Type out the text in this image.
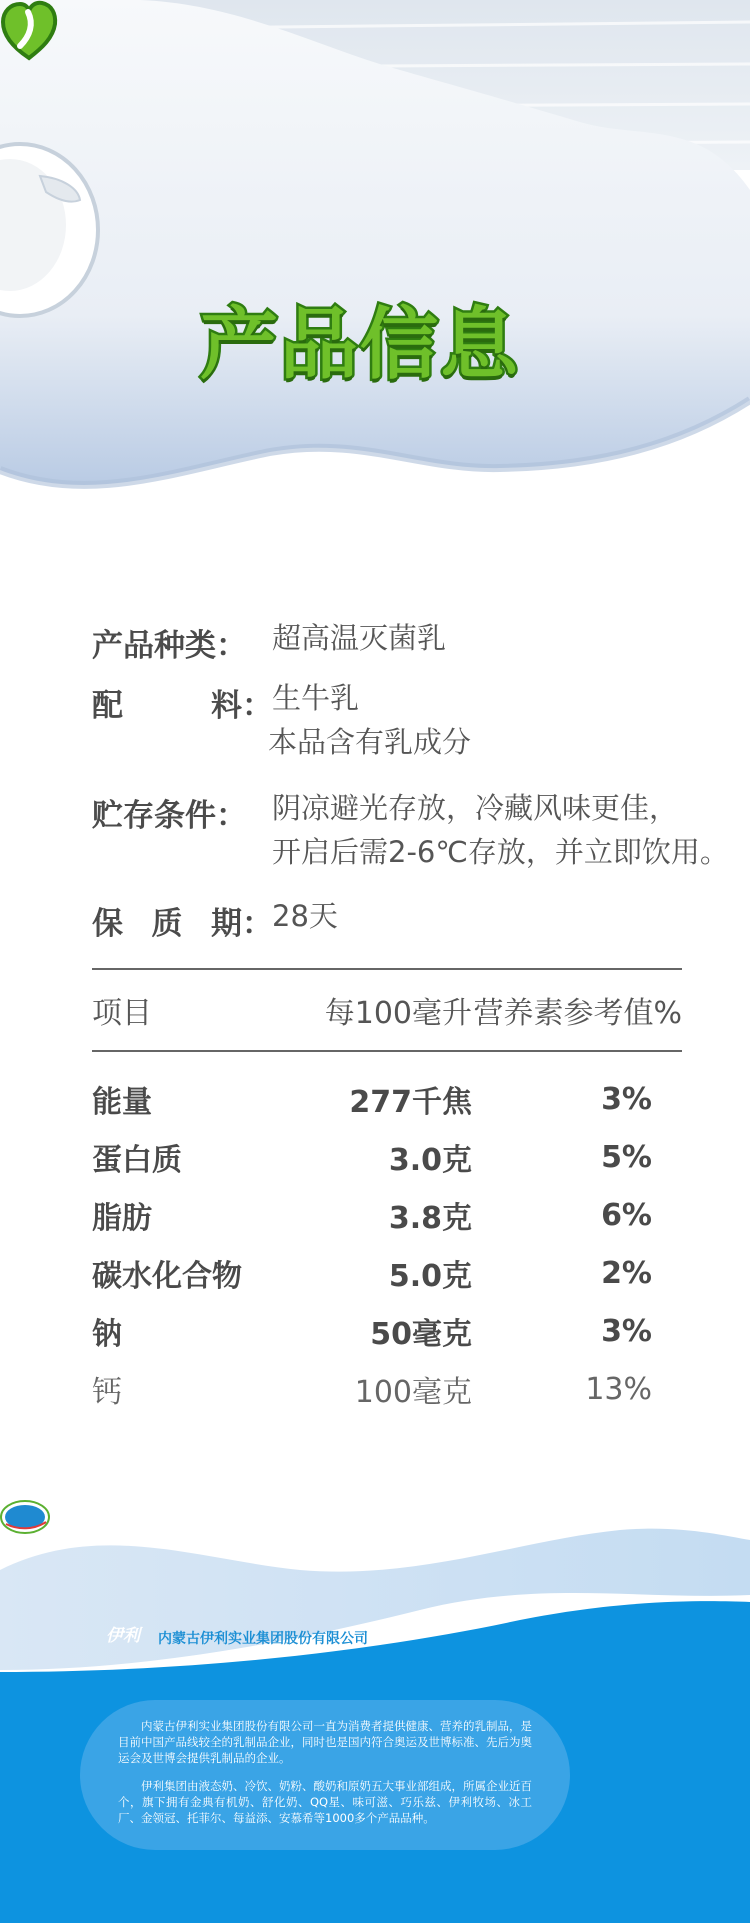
产品信息
产品种类： 超高温灭菌乳
配	料 ： 生牛乳
本品含有乳成分
贮存条件： 阴凉避光存放，冷藏风味更佳，
开启后需2-6℃存放，并立即饮用。
保 质 期 ： 28天
项目	每100毫升 营养素参考值%
能量	277千焦	3%
蛋白质	3.0克	5%
脂肪	3.8克	6%
碳水化合物	5.0克	2%
钠	50毫克	3%
钙	100毫克	13%
伊利 内蒙古伊利实业集团股份有限公司

内蒙古伊利实业集团股份有限公司一直为消费者提供健康、营养的乳制品，是目前中国产品线较全的乳制品企业，同时也是国内符合奥运及世博标准、先后为奥运会及世博会提供乳制品的企业。

伊利集团由液态奶、冷饮、奶粉、酸奶和原奶五大事业部组成，所属企业近百个，旗下拥有金典有机奶、舒化奶、QQ星、味可滋、巧乐兹、伊利牧场、冰工厂、金领冠、托菲尔、每益添、安慕希等1000多个产品品种。
